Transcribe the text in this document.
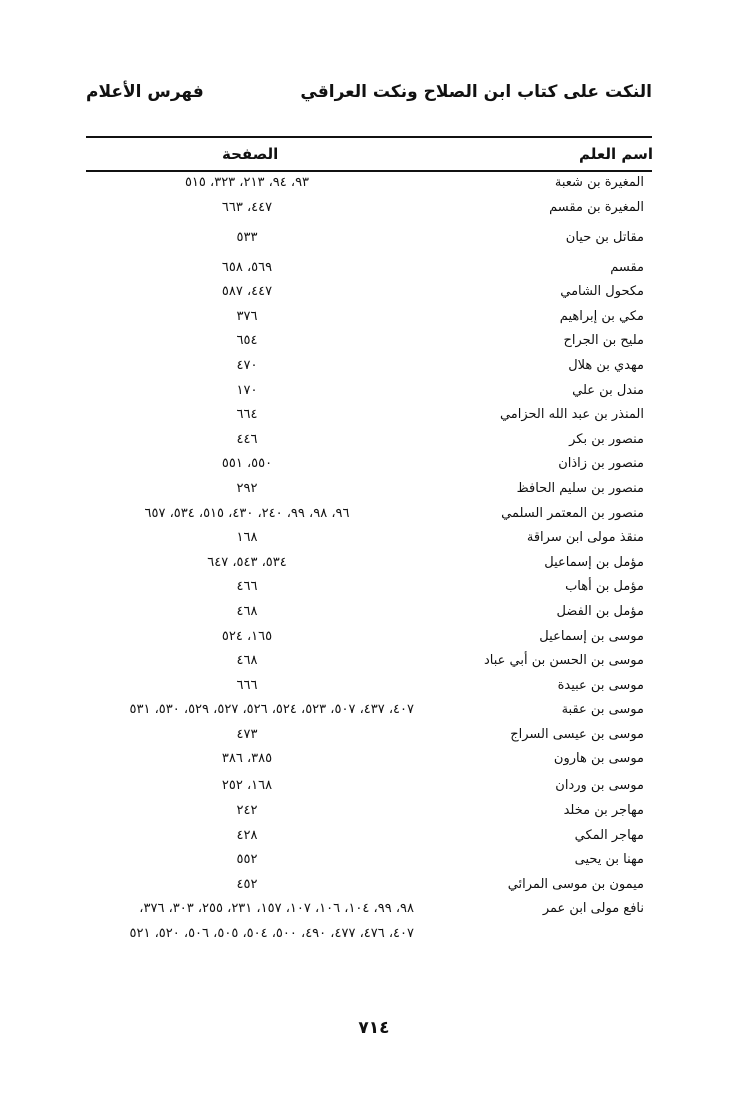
النكت على كتاب ابن الصلاح ونكت العراقي
فهرس الأعلام
اسم العلم
الصفحة
المغيرة بن شعبة
٩٣، ٩٤، ٢١٣، ٣٢٣، ٥١٥
المغيرة بن مقسم
٤٤٧، ٦٦٣
مقاتل بن حيان
٥٣٣
مقسم
٥٦٩، ٦٥٨
مكحول الشامي
٤٤٧، ٥٨٧
مكي بن إبراهيم
٣٧٦
مليح بن الجراح
٦٥٤
مهدي بن هلال
٤٧٠
مندل بن علي
١٧٠
المنذر بن عبد الله الحزامي
٦٦٤
منصور بن بكر
٤٤٦
منصور بن زاذان
٥٥٠، ٥٥١
منصور بن سليم الحافظ
٢٩٢
منصور بن المعتمر السلمي
٩٦، ٩٨، ٩٩، ٢٤٠، ٤٣٠، ٥١٥، ٥٣٤، ٦٥٧
منقذ مولى ابن سراقة
١٦٨
مؤمل بن إسماعيل
٥٣٤، ٥٤٣، ٦٤٧
مؤمل بن أهاب
٤٦٦
مؤمل بن الفضل
٤٦٨
موسى بن إسماعيل
١٦٥، ٥٢٤
موسى بن الحسن بن أبي عباد
٤٦٨
موسى بن عبيدة
٦٦٦
موسى بن عقبة
٤٠٧، ٤٣٧، ٥٠٧، ٥٢٣، ٥٢٤، ٥٢٦، ٥٢٧، ٥٢٩، ٥٣٠، ٥٣١
موسى بن عيسى السراج
٤٧٣
موسى بن هارون
٣٨٥، ٣٨٦
موسى بن وردان
١٦٨، ٢٥٢
مهاجر بن مخلد
٢٤٢
مهاجر المكي
٤٢٨
مهنا بن يحيى
٥٥٢
ميمون بن موسى المرائي
٤٥٢
نافع مولى ابن عمر
٩٨، ٩٩، ١٠٤، ١٠٦، ١٠٧، ١٥٧، ٢٣١، ٢٥٥، ٣٠٣، ٣٧٦،
٤٠٧، ٤٧٦، ٤٧٧، ٤٩٠، ٥٠٠، ٥٠٤، ٥٠٥، ٥٠٦، ٥٢٠، ٥٢١
٧١٤
